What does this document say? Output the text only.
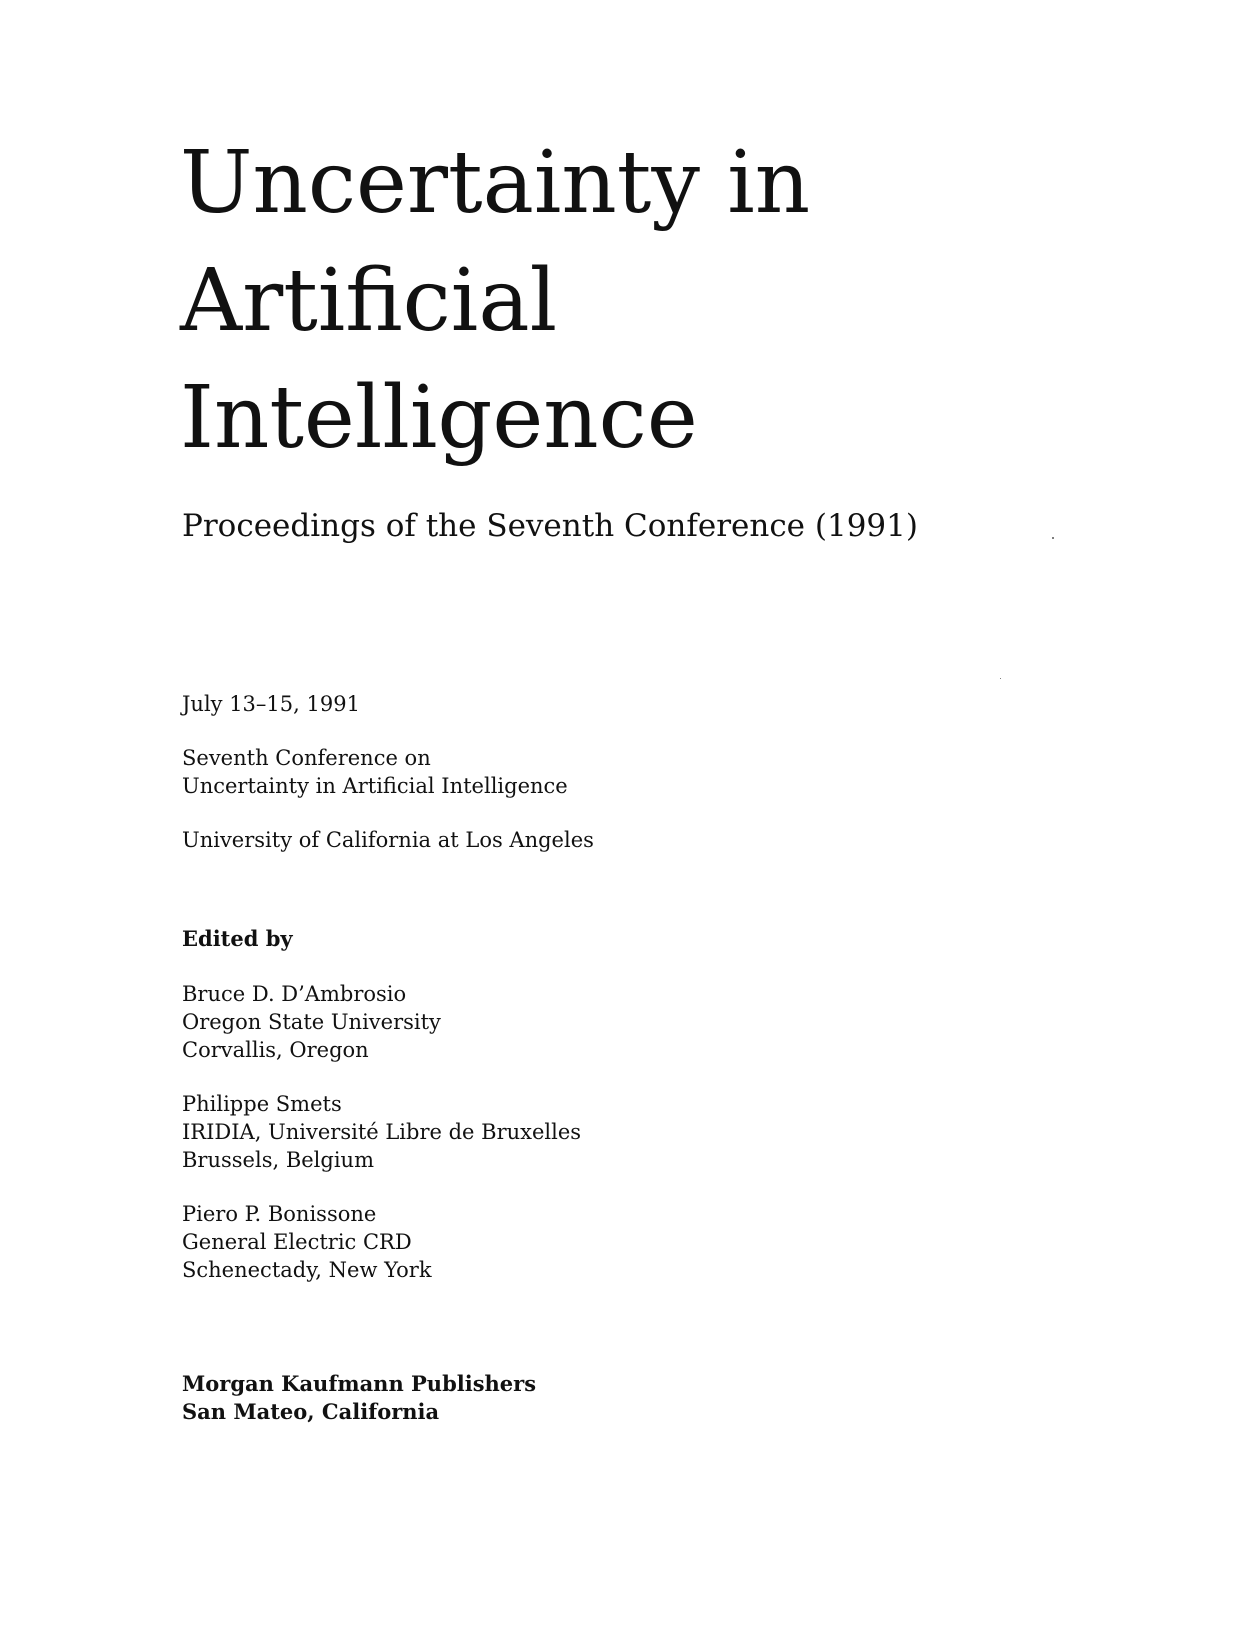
Uncertainty in
Artificial
Intelligence
Proceedings of the Seventh Conference (1991)
July 13–15, 1991
Seventh Conference on
Uncertainty in Artificial Intelligence
University of California at Los Angeles
Edited by
Bruce D. D’Ambrosio
Oregon State University
Corvallis, Oregon
Philippe Smets
IRIDIA, Université Libre de Bruxelles
Brussels, Belgium
Piero P. Bonissone
General Electric CRD
Schenectady, New York
Morgan Kaufmann Publishers
San Mateo, California
